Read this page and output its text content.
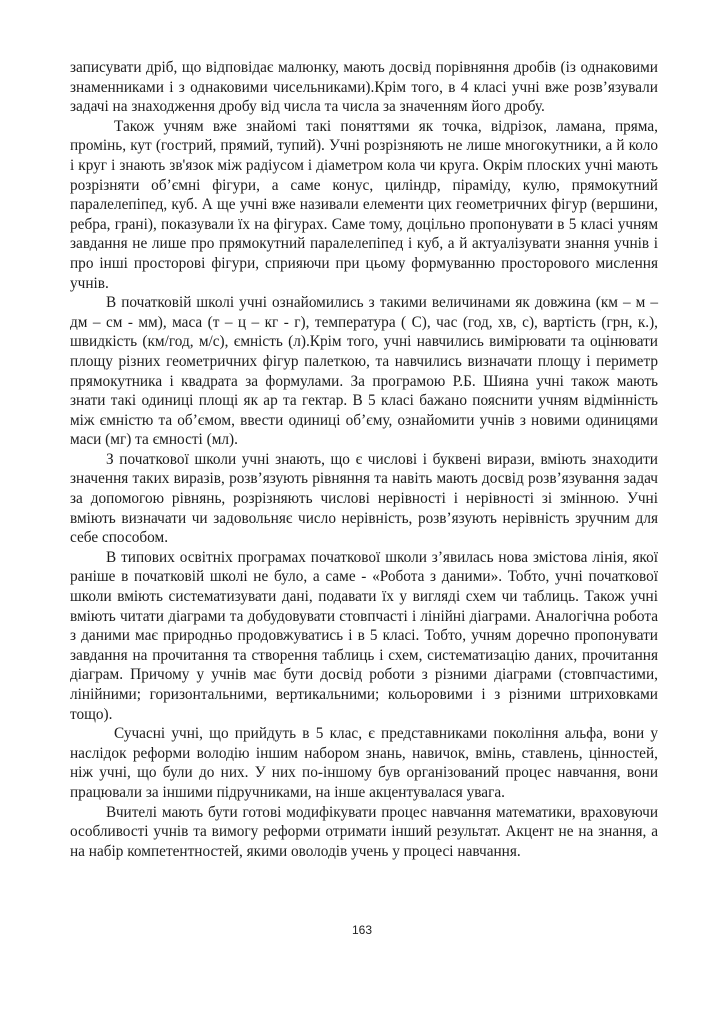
записувати дріб, що відповідає малюнку, мають досвід порівняння дробів (із однаковими знаменниками і з однаковими чисельниками).Крім того, в 4 класі учні вже розв’язували задачі на знаходження дробу від числа та числа за значенням його дробу.

Також учням вже знайомі такі поняттями як точка, відрізок, ламана, пряма, промінь, кут (гострий, прямий, тупий). Учні розрізняють не лише многокутники, а й коло і круг і знають зв'язок між радіусом і діаметром кола чи круга. Окрім плоских учні мають розрізняти об’ємні фігури, а саме конус, циліндр, піраміду, кулю, прямокутний паралелепіпед, куб. А ще учні вже називали елементи цих геометричних фігур (вершини, ребра, грані), показували їх на фігурах. Саме тому, доцільно пропонувати в 5 класі учням завдання не лише про прямокутний паралелепіпед і куб, а й актуалізувати знання учнів і про інші просторові фігури, сприяючи при цьому формуванню просторового мислення учнів.

В початковій школі учні ознайомились з такими величинами як довжина (км – м – дм – см - мм), маса (т – ц – кг - г), температура ( С), час (год, хв, с), вартість (грн, к.), швидкість (км/год, м/с), ємність (л).Крім того, учні навчились вимірювати та оцінювати площу різних геометричних фігур палеткою, та навчились визначати площу і периметр прямокутника і квадрата за формулами. За програмою Р.Б. Шияна учні також мають знати такі одиниці площі як ар та гектар. В 5 класі бажано пояснити учням відмінність між ємністю та об’ємом, ввести одиниці об’єму, ознайомити учнів з новими одиницями маси (мг) та ємності (мл).

З початкової школи учні знають, що є числові і буквені вирази, вміють знаходити значення таких виразів, розв’язують рівняння та навіть мають досвід розв’язування задач за допомогою рівнянь, розрізняють числові нерівності і нерівності зі змінною. Учні вміють визначати чи задовольняє число нерівність, розв’язують нерівність зручним для себе способом.

В типових освітніх програмах початкової школи з’явилась нова змістова лінія, якої раніше в початковій школі не було, а саме - «Робота з даними». Тобто, учні початкової школи вміють систематизувати дані, подавати їх у вигляді схем чи таблиць. Також учні вміють читати діаграми та добудовувати стовпчасті і лінійні діаграми. Аналогічна робота з даними має природньо продовжуватись і в 5 класі. Тобто, учням доречно пропонувати завдання на прочитання та створення таблиць і схем, систематизацію даних, прочитання діаграм. Причому у учнів має бути досвід роботи з різними діаграми (стовпчастими, лінійними; горизонтальними, вертикальними; кольоровими і з різними штриховками тощо).

Сучасні учні, що прийдуть в 5 клас, є представниками покоління альфа, вони у наслідок реформи володію іншим набором знань, навичок, вмінь, ставлень, цінностей, ніж учні, що були до них. У них по-іншому був організований процес навчання, вони працювали за іншими підручниками, на інше акцентувалася увага.

Вчителі мають бути готові модифікувати процес навчання математики, враховуючи особливості учнів та вимогу реформи отримати інший результат. Акцент не на знання, а на набір компетентностей, якими оволодів учень у процесі навчання.

163
